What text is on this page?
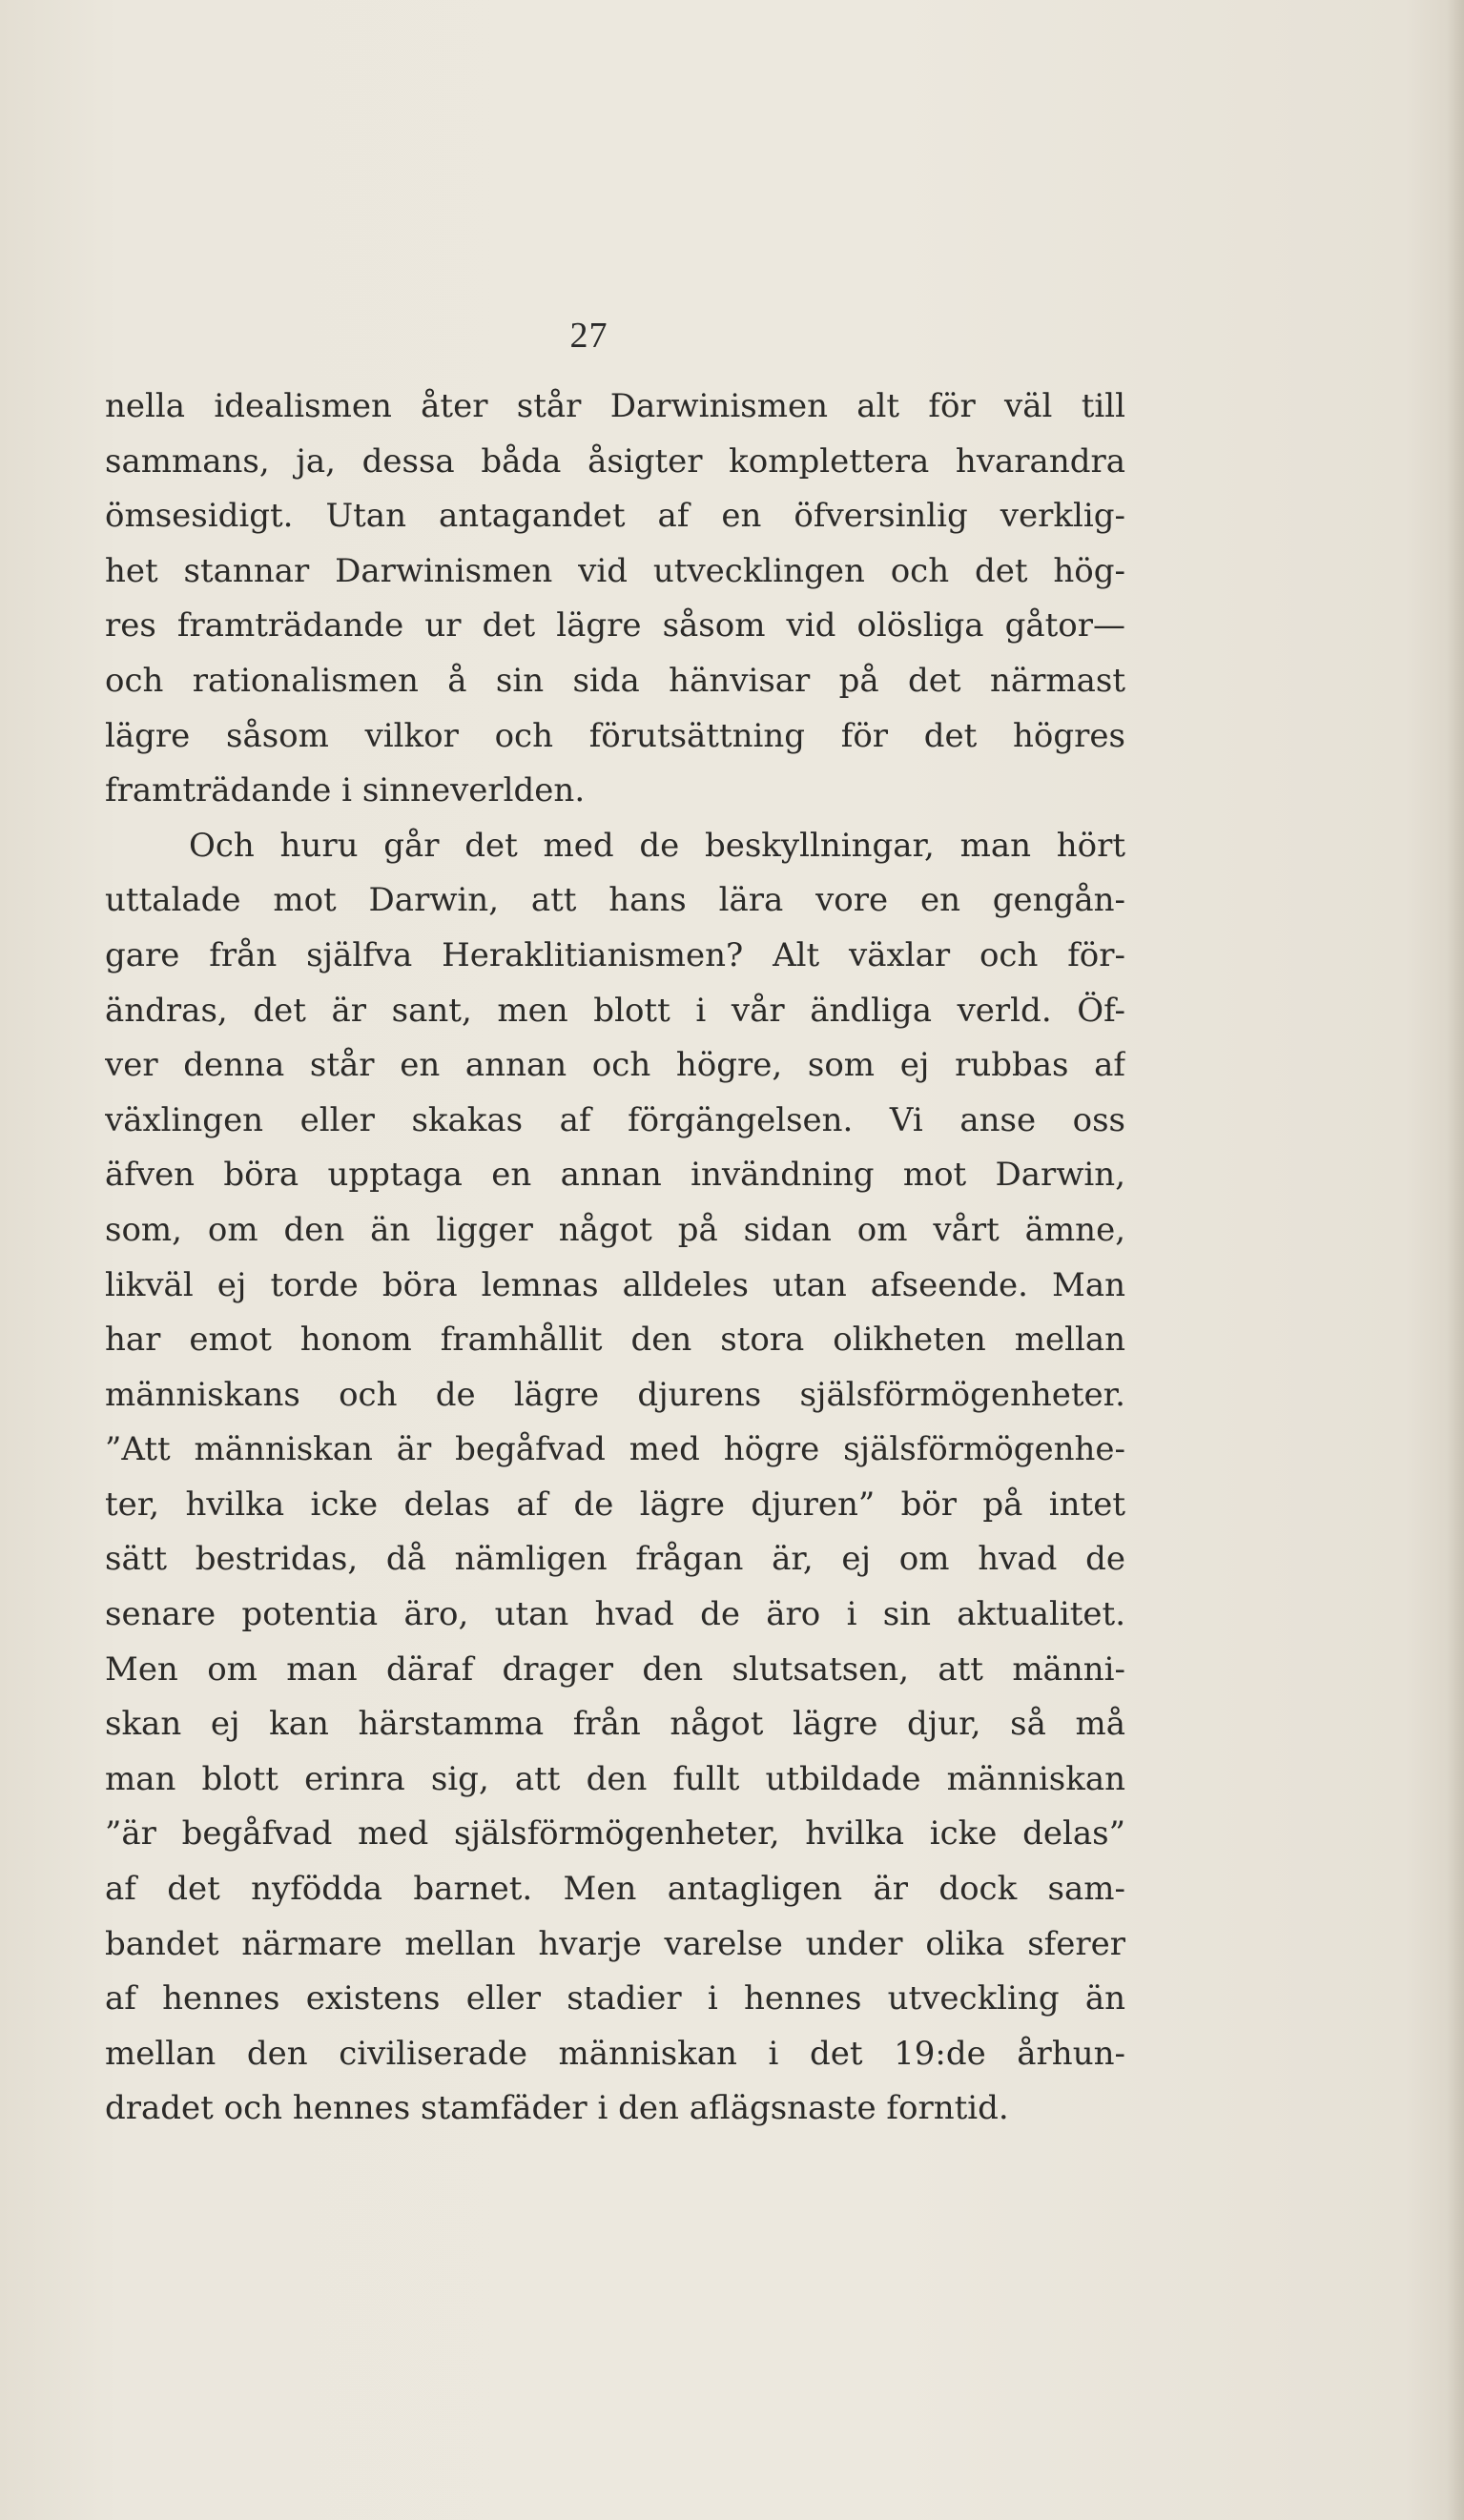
27

nella idealismen åter står Darwinismen alt för väl till
sammans, ja, dessa båda åsigter komplettera hvarandra
ömsesidigt. Utan antagandet af en öfversinlig verklig-
het stannar Darwinismen vid utvecklingen och det hög-
res framträdande ur det lägre såsom vid olösliga gåtor—
och rationalismen å sin sida hänvisar på det närmast
lägre såsom vilkor och förutsättning för det högres
framträdande i sinneverlden.
Och huru går det med de beskyllningar, man hört
uttalade mot Darwin, att hans lära vore en gengån-
gare från själfva Heraklitianismen? Alt växlar och för-
ändras, det är sant, men blott i vår ändliga verld. Öf-
ver denna står en annan och högre, som ej rubbas af
växlingen eller skakas af förgängelsen. Vi anse oss
äfven böra upptaga en annan invändning mot Darwin,
som, om den än ligger något på sidan om vårt ämne,
likväl ej torde böra lemnas alldeles utan afseende. Man
har emot honom framhållit den stora olikheten mellan
människans och de lägre djurens själsförmögenheter.
”Att människan är begåfvad med högre själsförmögenhe-
ter, hvilka icke delas af de lägre djuren” bör på intet
sätt bestridas, då nämligen frågan är, ej om hvad de
senare potentia äro, utan hvad de äro i sin aktualitet.
Men om man däraf drager den slutsatsen, att männi-
skan ej kan härstamma från något lägre djur, så må
man blott erinra sig, att den fullt utbildade människan
”är begåfvad med själsförmögenheter, hvilka icke delas”
af det nyfödda barnet. Men antagligen är dock sam-
bandet närmare mellan hvarje varelse under olika sferer
af hennes existens eller stadier i hennes utveckling än
mellan den civiliserade människan i det 19:de århun-
dradet och hennes stamfäder i den aflägsnaste forntid.
